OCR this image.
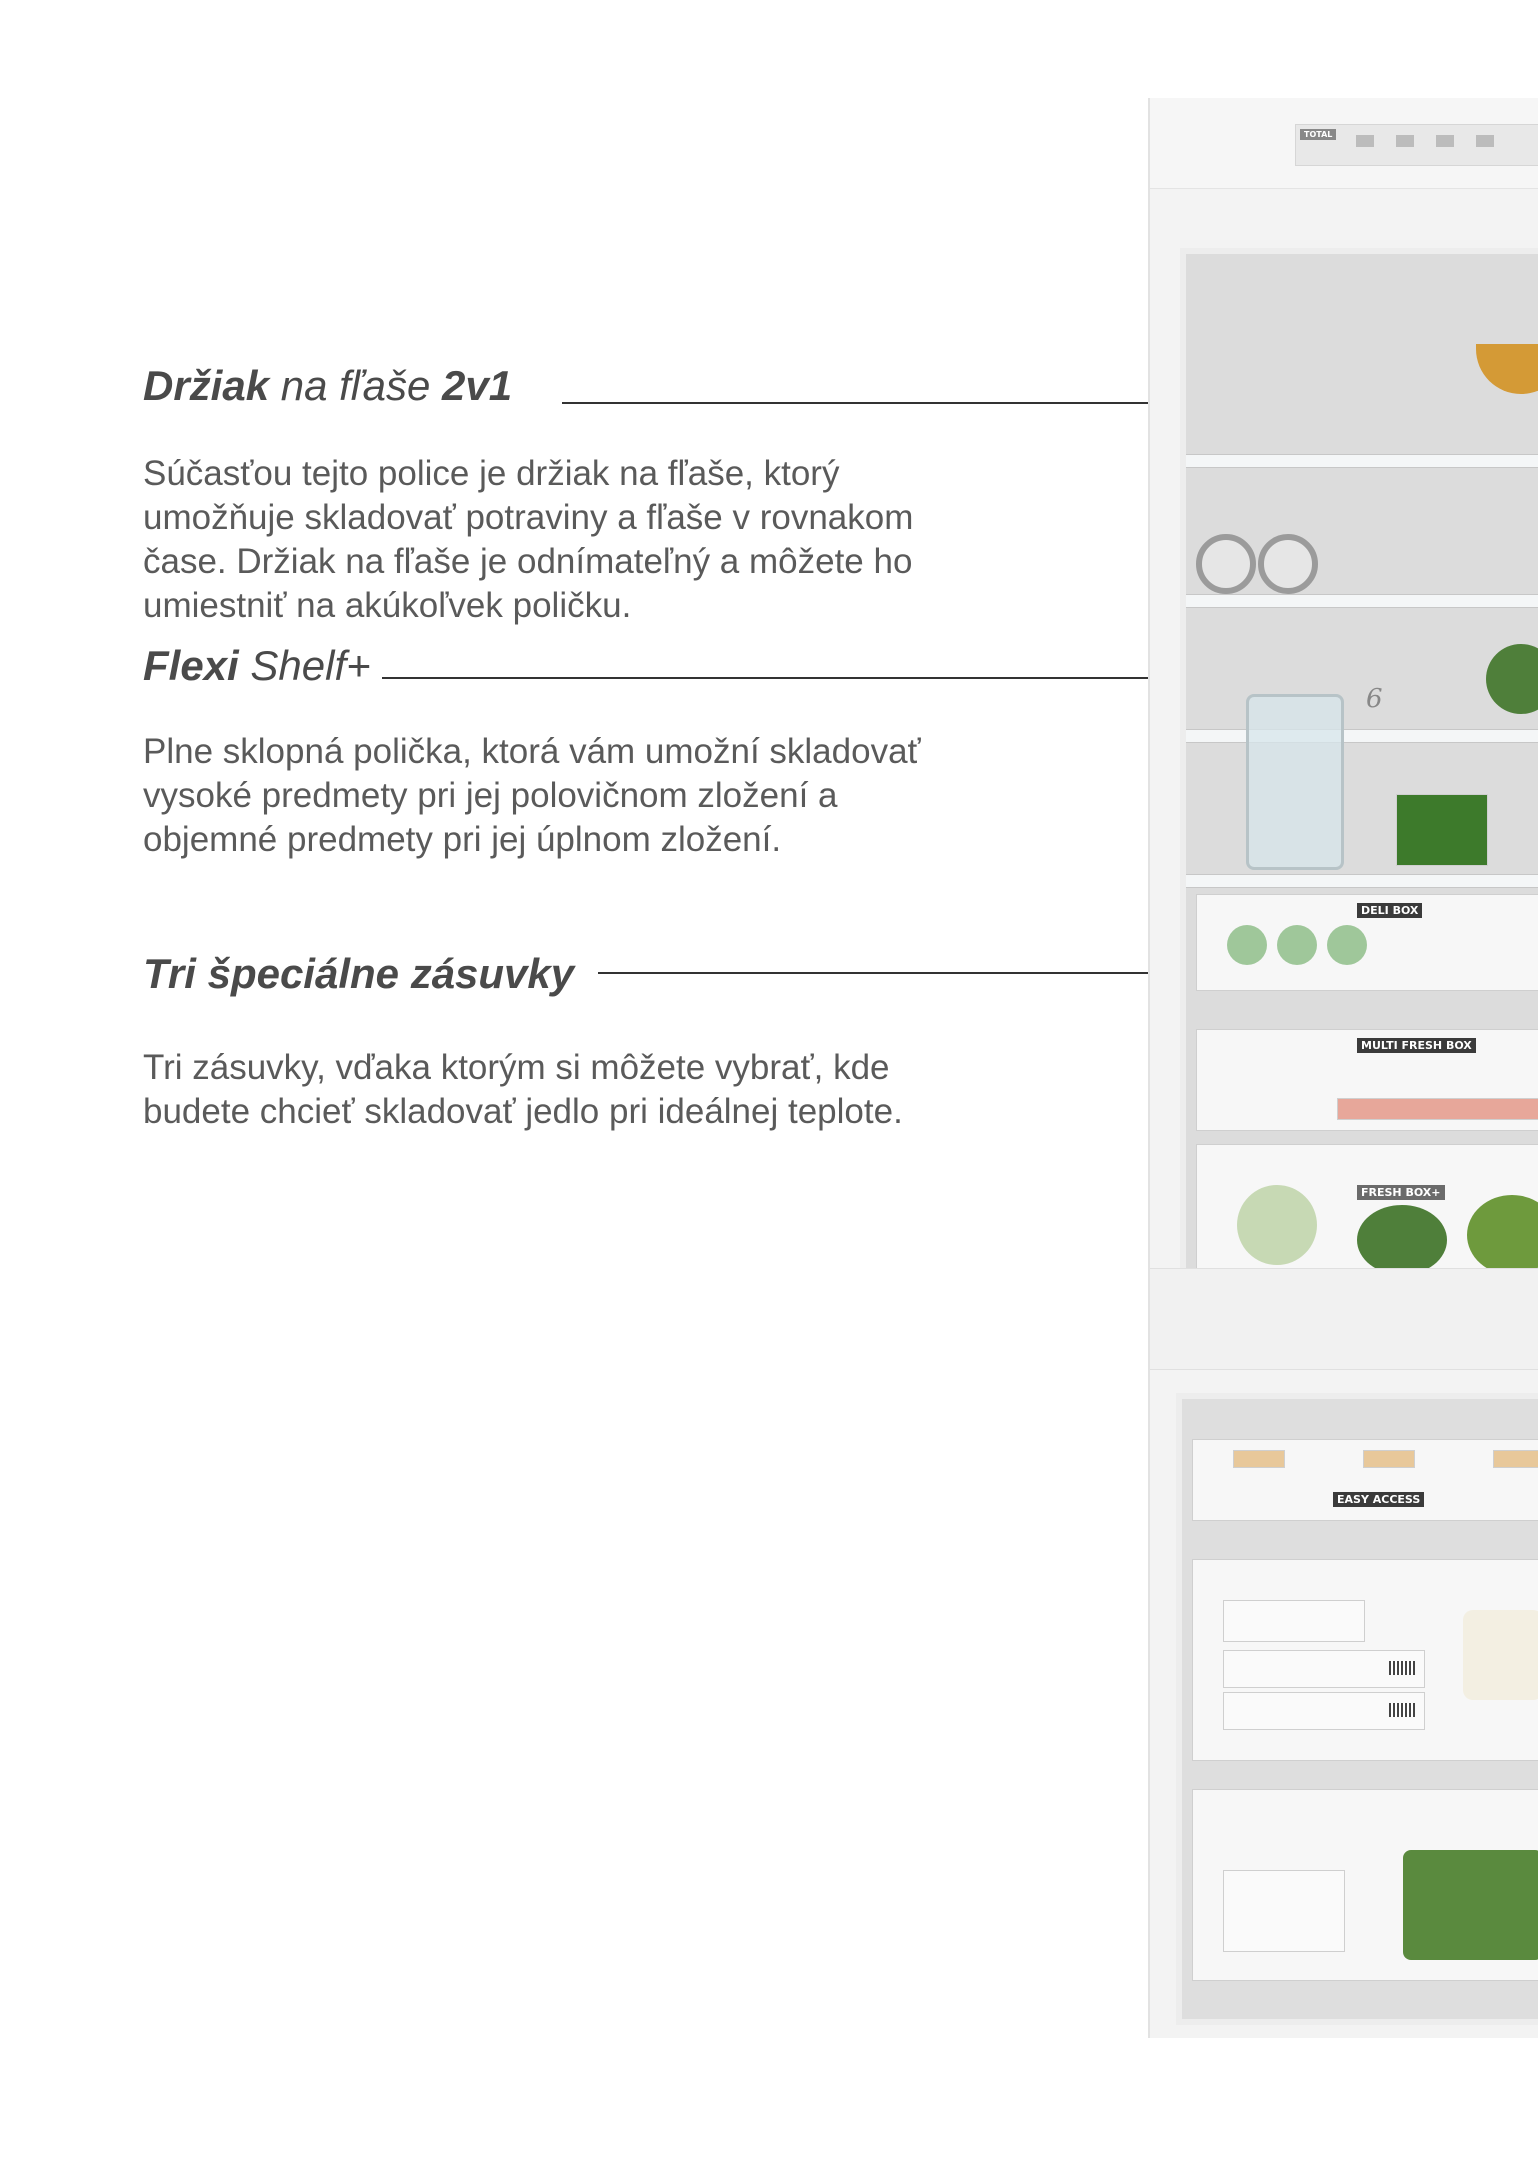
Držiak na fľaše 2v1

Súčasťou tejto police je držiak na fľaše, ktorý umožňuje skladovať potraviny a fľaše v rovnakom čase. Držiak na fľaše je odnímateľný a môžete ho umiestniť na akúkoľvek poličku.

Flexi Shelf+

Plne sklopná polička, ktorá vám umožní skladovať vysoké predmety pri jej polovičnom zložení a objemné predmety pri jej úplnom zložení.

Tri špeciálne zásuvky

Tri zásuvky, vďaka ktorým si môžete vybrať, kde budete chcieť skladovať jedlo pri ideálnej teplote.

TOTAL
6
DELI BOX
MULTI FRESH BOX
FRESH BOX+
EASY ACCESS
